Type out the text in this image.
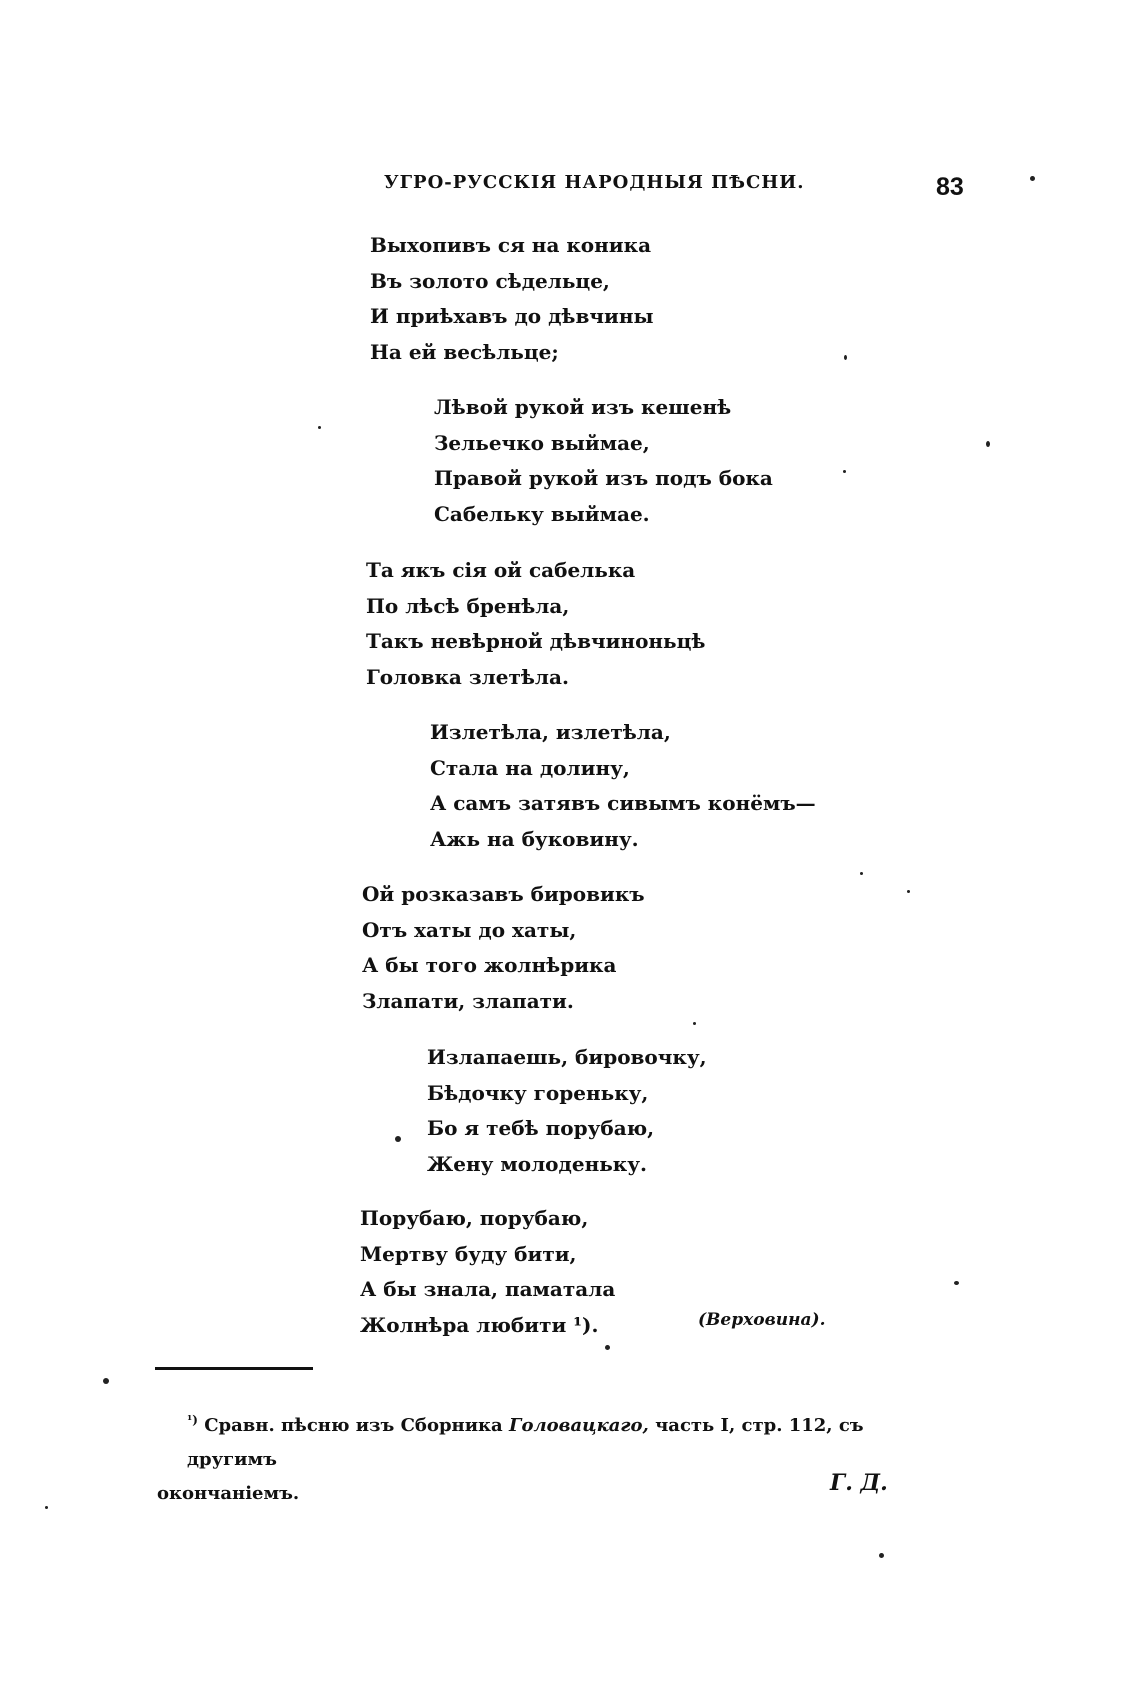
УГРО-РУССКІЯ НАРОДНЫЯ ПѢСНИ.	83
Выхопивъ ся на коника
Въ золото сѣдельце,
И приѣхавъ до дѣвчины
На ей весѣльце;
Лѣвой рукой изъ кешенѣ
Зельечко выймае,
Правой рукой изъ подъ бока
Сабельку выймае.
Та якъ сія ой сабелька
По лѣсѣ бренѣла,
Такъ невѣрной дѣвчиноньцѣ
Головка злетѣла.
Излетѣла, излетѣла,
Стала на долину,
А самъ затявъ сивымъ конёмъ—
Ажь на буковину.
Ой розказавъ бировикъ
Отъ хаты до хаты,
А бы того жолнѣрика
Злапати, злапати.
Излапаешь, бировочку,
Бѣдочку гореньку,
Бо я тебѣ порубаю,
Жену молоденьку.
Порубаю, порубаю,
Мертву буду бити,
А бы знала, паматала
Жолнѣра любити ¹).	(Верховина).
$^{^1)}$ Сравн. пѣсню изъ Сборника Головацкаго, часть I, стр. 112, съ другимъ
окончаніемъ.	Г. Д.
